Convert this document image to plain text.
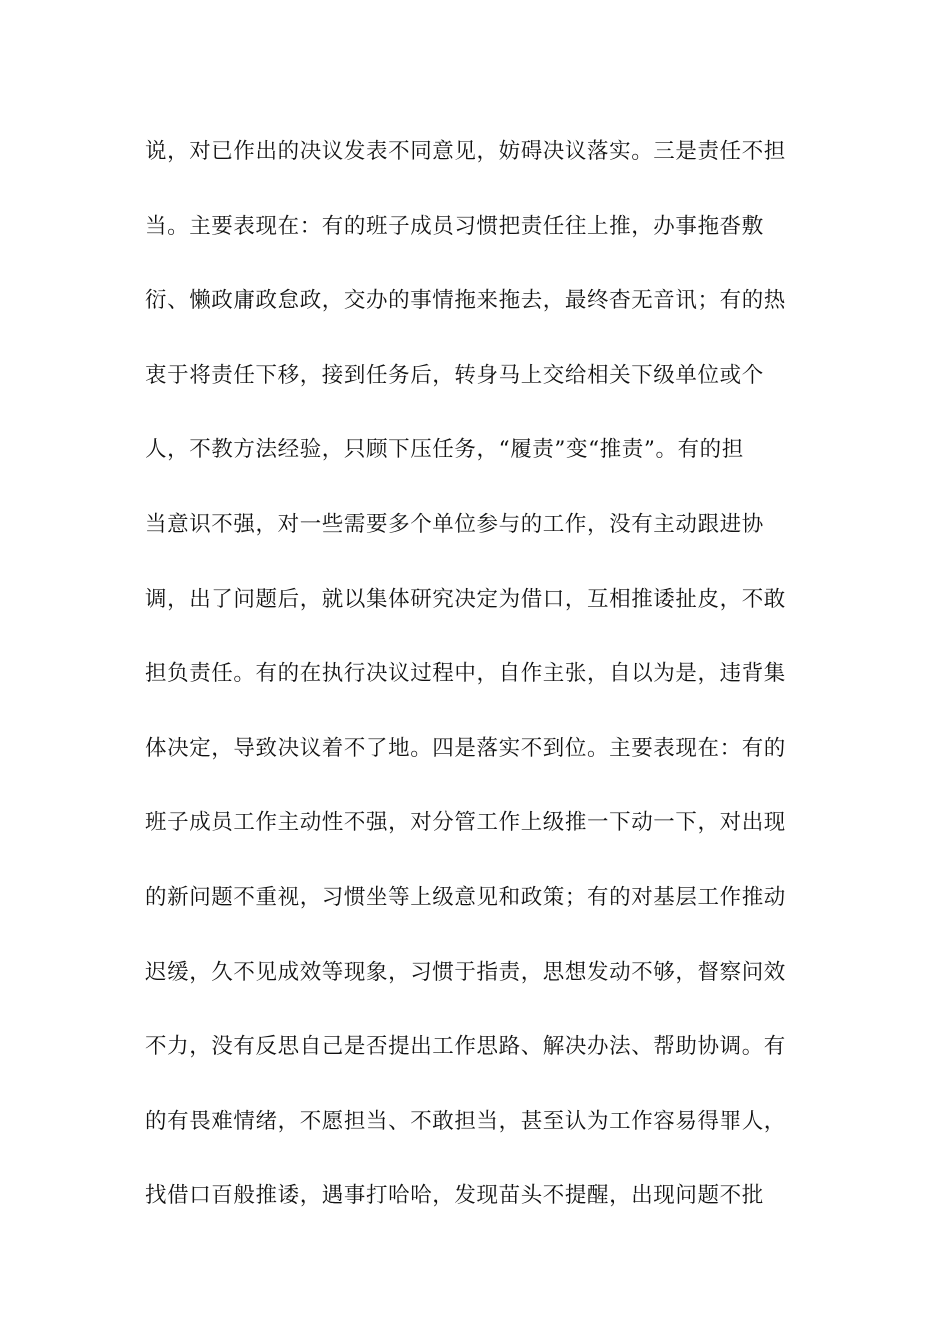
说，对已作出的决议发表不同意见，妨碍决议落实。三是责任不担
当。主要表现在：有的班子成员习惯把责任往上推，办事拖沓敷
衍、懒政庸政怠政，交办的事情拖来拖去，最终杳无音讯；有的热
衷于将责任下移，接到任务后，转身马上交给相关下级单位或个
人，不教方法经验，只顾下压任务，“履责”变“推责”。有的担
当意识不强，对一些需要多个单位参与的工作，没有主动跟进协
调，出了问题后，就以集体研究决定为借口，互相推诿扯皮，不敢
担负责任。有的在执行决议过程中，自作主张，自以为是，违背集
体决定，导致决议着不了地。四是落实不到位。主要表现在：有的
班子成员工作主动性不强，对分管工作上级推一下动一下，对出现
的新问题不重视，习惯坐等上级意见和政策；有的对基层工作推动
迟缓，久不见成效等现象，习惯于指责，思想发动不够，督察问效
不力，没有反思自己是否提出工作思路、解决办法、帮助协调。有
的有畏难情绪，不愿担当、不敢担当，甚至认为工作容易得罪人，
找借口百般推诿，遇事打哈哈，发现苗头不提醒，出现问题不批
